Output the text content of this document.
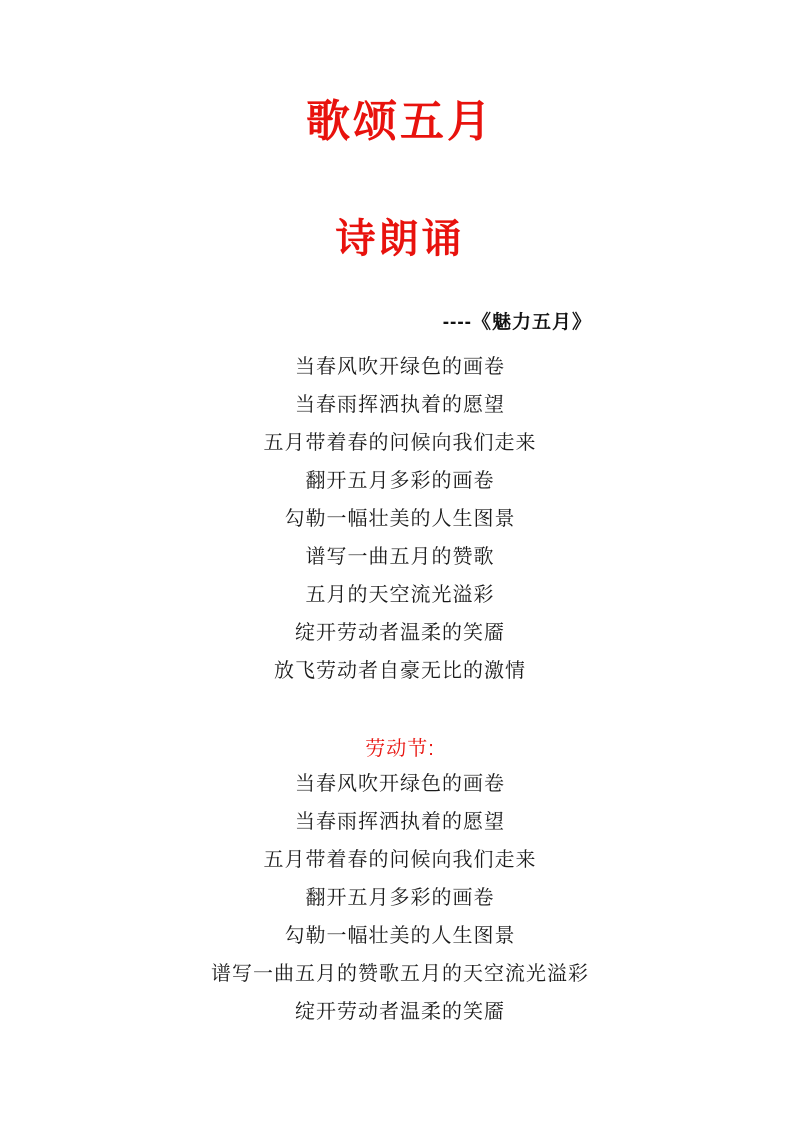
歌颂五月
诗朗诵

----《魅力五月》

当春风吹开绿色的画卷
当春雨挥洒执着的愿望
五月带着春的问候向我们走来
翻开五月多彩的画卷
勾勒一幅壮美的人生图景
谱写一曲五月的赞歌
五月的天空流光溢彩
绽开劳动者温柔的笑靥
放飞劳动者自豪无比的激情

劳动节:

当春风吹开绿色的画卷
当春雨挥洒执着的愿望
五月带着春的问候向我们走来
翻开五月多彩的画卷
勾勒一幅壮美的人生图景
谱写一曲五月的赞歌五月的天空流光溢彩
绽开劳动者温柔的笑靥
